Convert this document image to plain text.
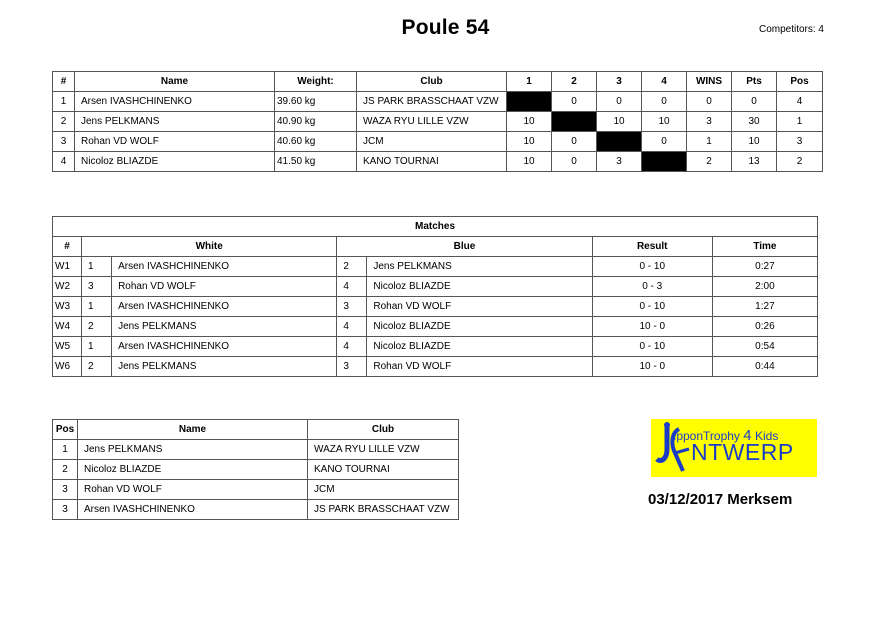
Poule 54	Competitors: 4
#	Name	Weight:	Club	1	2	3	4	WINS	Pts	Pos
1	Arsen IVASHCHINENKO	39.60 kg	JS PARK BRASSCHAAT VZW		0	0	0	0	0	4
2	Jens PELKMANS	40.90 kg	WAZA RYU LILLE VZW	10		10	10	3	30	1
3	Rohan VD WOLF	40.60 kg	JCM	10	0		0	1	10	3
4	Nicoloz BLIAZDE	41.50 kg	KANO TOURNAI	10	0	3		2	13	2
Matches						
#	White		Blue		Result	Time
W1	1	Arsen IVASHCHINENKO	2	Jens PELKMANS	0 - 10	0:27
W2	3	Rohan VD WOLF	4	Nicoloz BLIAZDE	0 - 3	2:00
W3	1	Arsen IVASHCHINENKO	3	Rohan VD WOLF	0 - 10	1:27
W4	2	Jens PELKMANS	4	Nicoloz BLIAZDE	10 - 0	0:26
W5	1	Arsen IVASHCHINENKO	4	Nicoloz BLIAZDE	0 - 10	0:54
W6	2	Jens PELKMANS	3	Rohan VD WOLF	10 - 0	0:44
Pos	Name	Club
1	Jens PELKMANS	WAZA RYU LILLE VZW
2	Nicoloz BLIAZDE	KANO TOURNAI
3	Rohan VD WOLF	JCM
3	Arsen IVASHCHINENKO	JS PARK BRASSCHAAT VZW
IpponTrophy 4 Kids
NTWERP
03/12/2017 Merksem
